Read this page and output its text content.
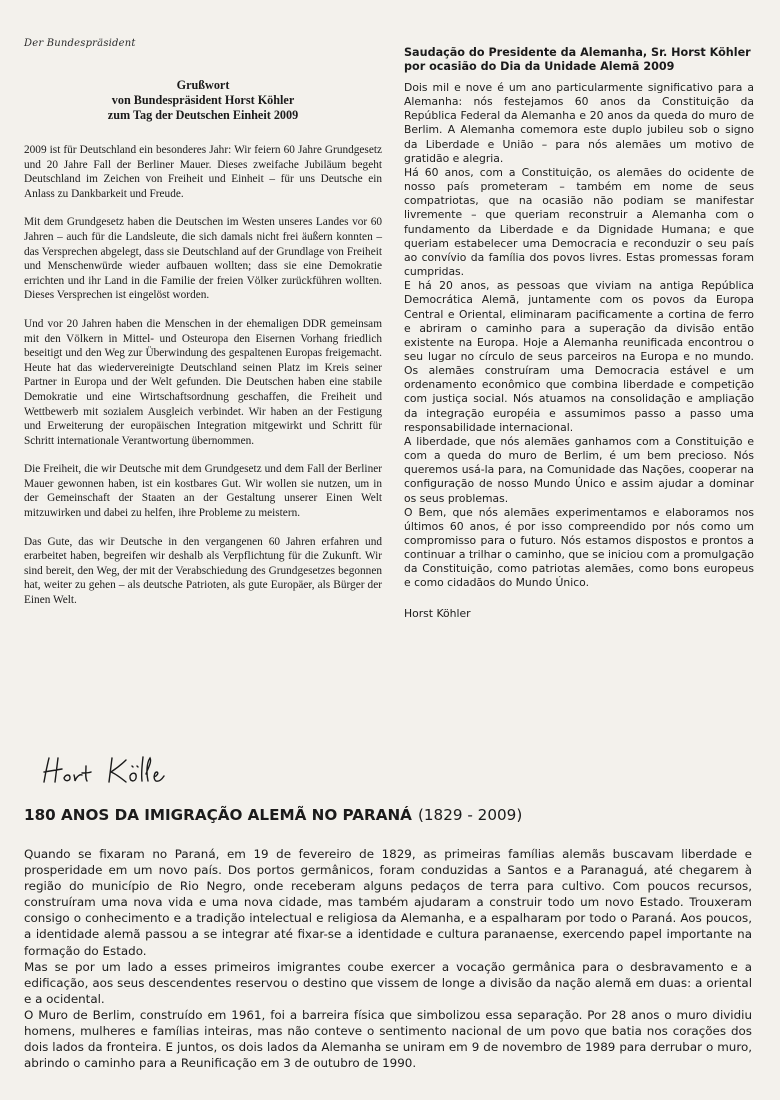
Der Bundespräsident
Grußwort
von Bundespräsident Horst Köhler
zum Tag der Deutschen Einheit 2009

2009 ist für Deutschland ein besonderes Jahr: Wir feiern 60 Jahre Grundgesetz und 20 Jahre Fall der Berliner Mauer. Dieses zweifache Jubiläum begeht Deutschland im Zeichen von Freiheit und Einheit – für uns Deutsche ein Anlass zu Dankbarkeit und Freude.

Mit dem Grundgesetz haben die Deutschen im Westen unseres Landes vor 60 Jahren – auch für die Landsleute, die sich damals nicht frei äußern konnten – das Versprechen abgelegt, dass sie Deutschland auf der Grundlage von Freiheit und Menschenwürde wieder aufbauen wollten; dass sie eine Demokratie errichten und ihr Land in die Familie der freien Völker zurückführen wollten. Dieses Versprechen ist eingelöst worden.

Und vor 20 Jahren haben die Menschen in der ehemaligen DDR gemeinsam mit den Völkern in Mittel- und Osteuropa den Eisernen Vorhang friedlich beseitigt und den Weg zur Überwindung des gespaltenen Europas freigemacht. Heute hat das wiedervereinigte Deutschland seinen Platz im Kreis seiner Partner in Europa und der Welt gefunden. Die Deutschen haben eine stabile Demokratie und eine Wirtschaftsordnung geschaffen, die Freiheit und Wettbewerb mit sozialem Ausgleich verbindet. Wir haben an der Festigung und Erweiterung der europäischen Integration mitgewirkt und Schritt für Schritt internationale Verantwortung übernommen.

Die Freiheit, die wir Deutsche mit dem Grundgesetz und dem Fall der Berliner Mauer gewonnen haben, ist ein kostbares Gut. Wir wollen sie nutzen, um in der Gemeinschaft der Staaten an der Gestaltung unserer Einen Welt mitzuwirken und dabei zu helfen, ihre Probleme zu meistern.

Das Gute, das wir Deutsche in den vergangenen 60 Jahren erfahren und erarbeitet haben, begreifen wir deshalb als Verpflichtung für die Zukunft. Wir sind bereit, den Weg, der mit der Verabschiedung des Grundgesetzes begonnen hat, weiter zu gehen – als deutsche Patrioten, als gute Europäer, als Bürger der Einen Welt.

Saudação do Presidente da Alemanha, Sr. Horst Köhler por ocasião do Dia da Unidade Alemã 2009

Dois mil e nove é um ano particularmente significativo para a Alemanha: nós festejamos 60 anos da Constituição da República Federal da Alemanha e 20 anos da queda do muro de Berlim. A Alemanha comemora este duplo jubileu sob o signo da Liberdade e União – para nós alemães um motivo de gratidão e alegria.

Há 60 anos, com a Constituição, os alemães do ocidente de nosso país prometeram – também em nome de seus compatriotas, que na ocasião não podiam se manifestar livremente – que queriam reconstruir a Alemanha com o fundamento da Liberdade e da Dignidade Humana; e que queriam estabelecer uma Democracia e reconduzir o seu país ao convívio da família dos povos livres. Estas promessas foram cumpridas.

E há 20 anos, as pessoas que viviam na antiga República Democrática Alemã, juntamente com os povos da Europa Central e Oriental, eliminaram pacificamente a cortina de ferro e abriram o caminho para a superação da divisão então existente na Europa. Hoje a Alemanha reunificada encontrou o seu lugar no círculo de seus parceiros na Europa e no mundo. Os alemães construíram uma Democracia estável e um ordenamento econômico que combina liberdade e competição com justiça social. Nós atuamos na consolidação e ampliação da integração européia e assumimos passo a passo uma responsabilidade internacional.

A liberdade, que nós alemães ganhamos com a Constituição e com a queda do muro de Berlim, é um bem precioso. Nós queremos usá-la para, na Comunidade das Nações, cooperar na configuração de nosso Mundo Único e assim ajudar a dominar os seus problemas.

O Bem, que nós alemães experimentamos e elaboramos nos últimos 60 anos, é por isso compreendido por nós como um compromisso para o futuro. Nós estamos dispostos e prontos a continuar a trilhar o caminho, que se iniciou com a promulgação da Constituição, como patriotas alemães, como bons europeus e como cidadãos do Mundo Único.

Horst Köhler
180 ANOS DA IMIGRAÇÃO ALEMÃ NO PARANÁ (1829 - 2009)

Quando se fixaram no Paraná, em 19 de fevereiro de 1829, as primeiras famílias alemãs buscavam liberdade e prosperidade em um novo país. Dos portos germânicos, foram conduzidas a Santos e a Paranaguá, até chegarem à região do município de Rio Negro, onde receberam alguns pedaços de terra para cultivo. Com poucos recursos, construíram uma nova vida e uma nova cidade, mas também ajudaram a construir todo um novo Estado. Trouxeram consigo o conhecimento e a tradição intelectual e religiosa da Alemanha, e a espalharam por todo o Paraná. Aos poucos, a identidade alemã passou a se integrar até fixar-se a identidade e cultura paranaense, exercendo papel importante na formação do Estado.

Mas se por um lado a esses primeiros imigrantes coube exercer a vocação germânica para o desbravamento e a edificação, aos seus descendentes reservou o destino que vissem de longe a divisão da nação alemã em duas: a oriental e a ocidental.

O Muro de Berlim, construído em 1961, foi a barreira física que simbolizou essa separação. Por 28 anos o muro dividiu homens, mulheres e famílias inteiras, mas não conteve o sentimento nacional de um povo que batia nos corações dos dois lados da fronteira. E juntos, os dois lados da Alemanha se uniram em 9 de novembro de 1989 para derrubar o muro, abrindo o caminho para a Reunificação em 3 de outubro de 1990.
